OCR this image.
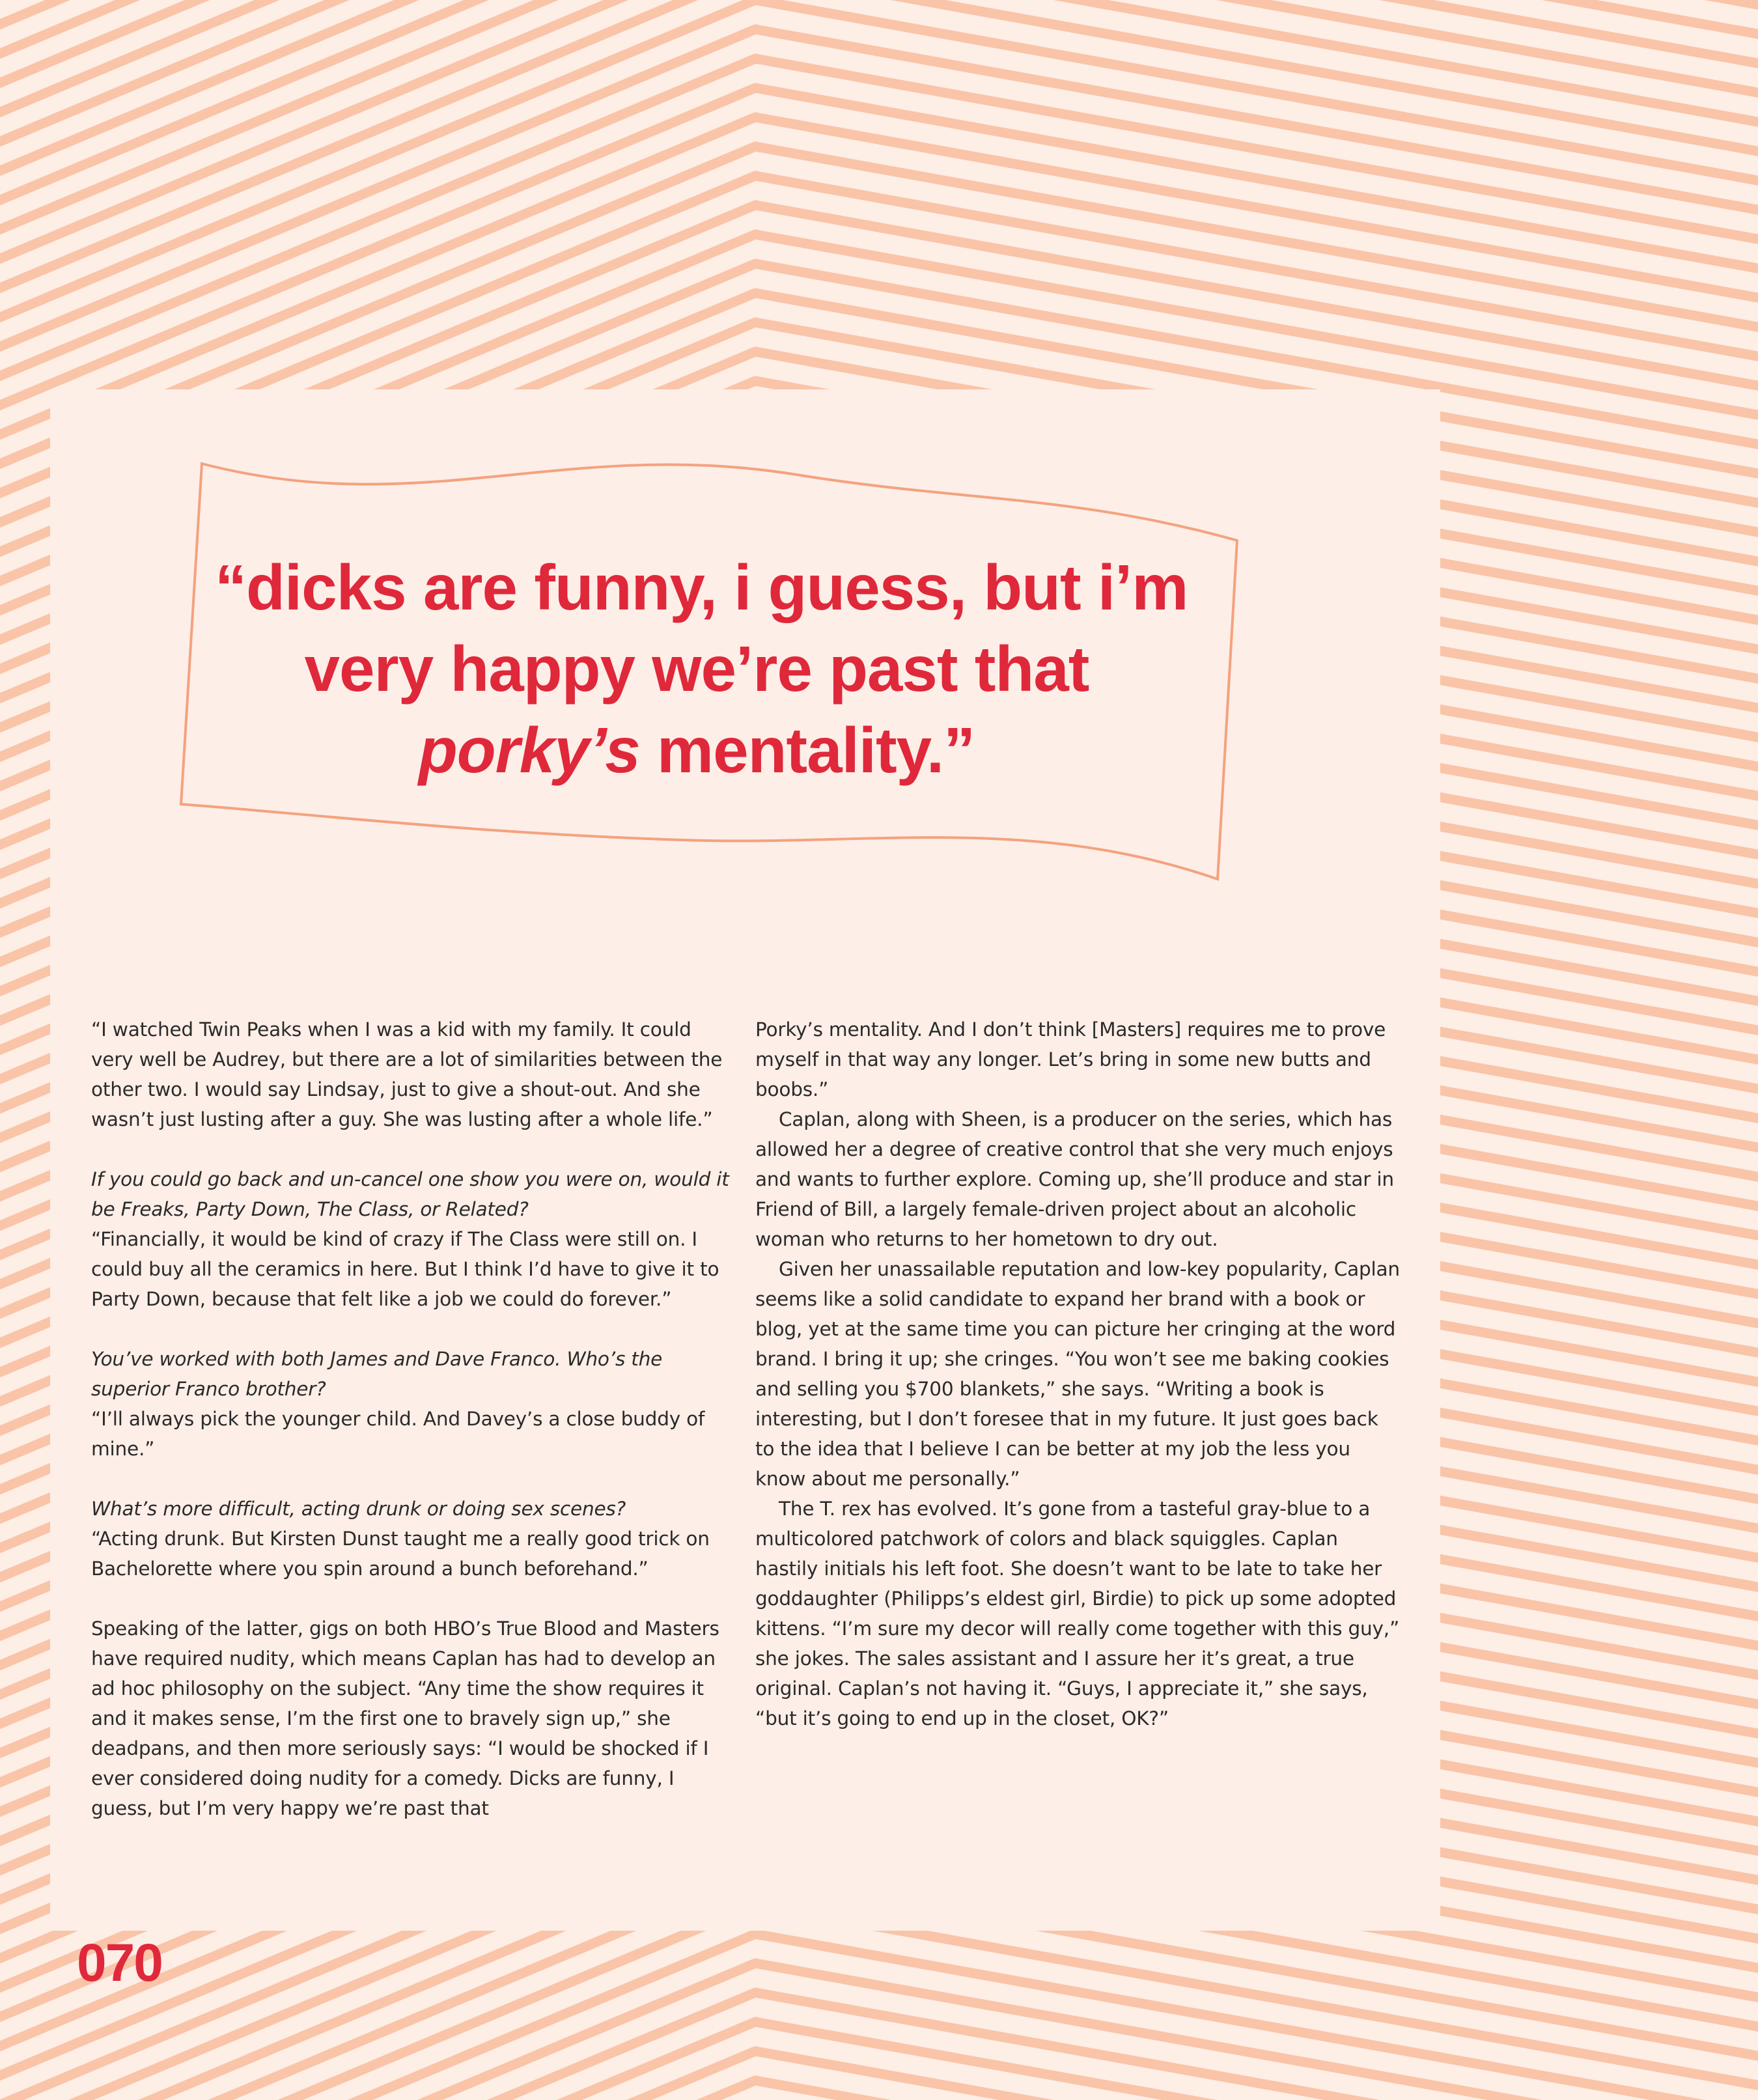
“dicks are funny, i guess, but i’m
very happy we’re past that
porky’s mentality.”

“I watched Twin Peaks when I was a kid with my family. It could very well be Audrey, but there are a lot of similarities between the other two. I would say Lindsay, just to give a shout-out. And she wasn’t just lusting after a guy. She was lusting after a whole life.”

If you could go back and un-cancel one show you were on, would it be Freaks, Party Down, The Class, or Related?

“Financially, it would be kind of crazy if The Class were still on. I could buy all the ceramics in here. But I think I’d have to give it to Party Down, because that felt like a job we could do forever.”

You’ve worked with both James and Dave Franco. Who’s the superior Franco brother?

“I’ll always pick the younger child. And Davey’s a close buddy of mine.”

What’s more difficult, acting drunk or doing sex scenes?

“Acting drunk. But Kirsten Dunst taught me a really good trick on Bachelorette where you spin around a bunch beforehand.”

Speaking of the latter, gigs on both HBO’s True Blood and Masters have required nudity, which means Caplan has had to develop an ad hoc philosophy on the subject. “Any time the show requires it and it makes sense, I’m the first one to bravely sign up,” she deadpans, and then more seriously says: “I would be shocked if I ever considered doing nudity for a comedy. Dicks are funny, I guess, but I’m very happy we’re past that

Porky’s mentality. And I don’t think [Masters] requires me to prove myself in that way any longer. Let’s bring in some new butts and boobs.”

Caplan, along with Sheen, is a producer on the series, which has allowed her a degree of creative control that she very much enjoys and wants to further explore. Coming up, she’ll produce and star in Friend of Bill, a largely female-driven project about an alcoholic woman who returns to her hometown to dry out.

Given her unassailable reputation and low-key popularity, Caplan seems like a solid candidate to expand her brand with a book or blog, yet at the same time you can picture her cringing at the word brand. I bring it up; she cringes. “You won’t see me baking cookies and selling you $700 blankets,” she says. “Writing a book is interesting, but I don’t foresee that in my future. It just goes back to the idea that I believe I can be better at my job the less you know about me personally.”

The T. rex has evolved. It’s gone from a tasteful gray-blue to a multicolored patchwork of colors and black squiggles. Caplan hastily initials his left foot. She doesn’t want to be late to take her goddaughter (Philipps’s eldest girl, Birdie) to pick up some adopted kittens. “I’m sure my decor will really come together with this guy,” she jokes. The sales assistant and I assure her it’s great, a true original. Caplan’s not having it. “Guys, I appreciate it,” she says, “but it’s going to end up in the closet, OK?”

070
